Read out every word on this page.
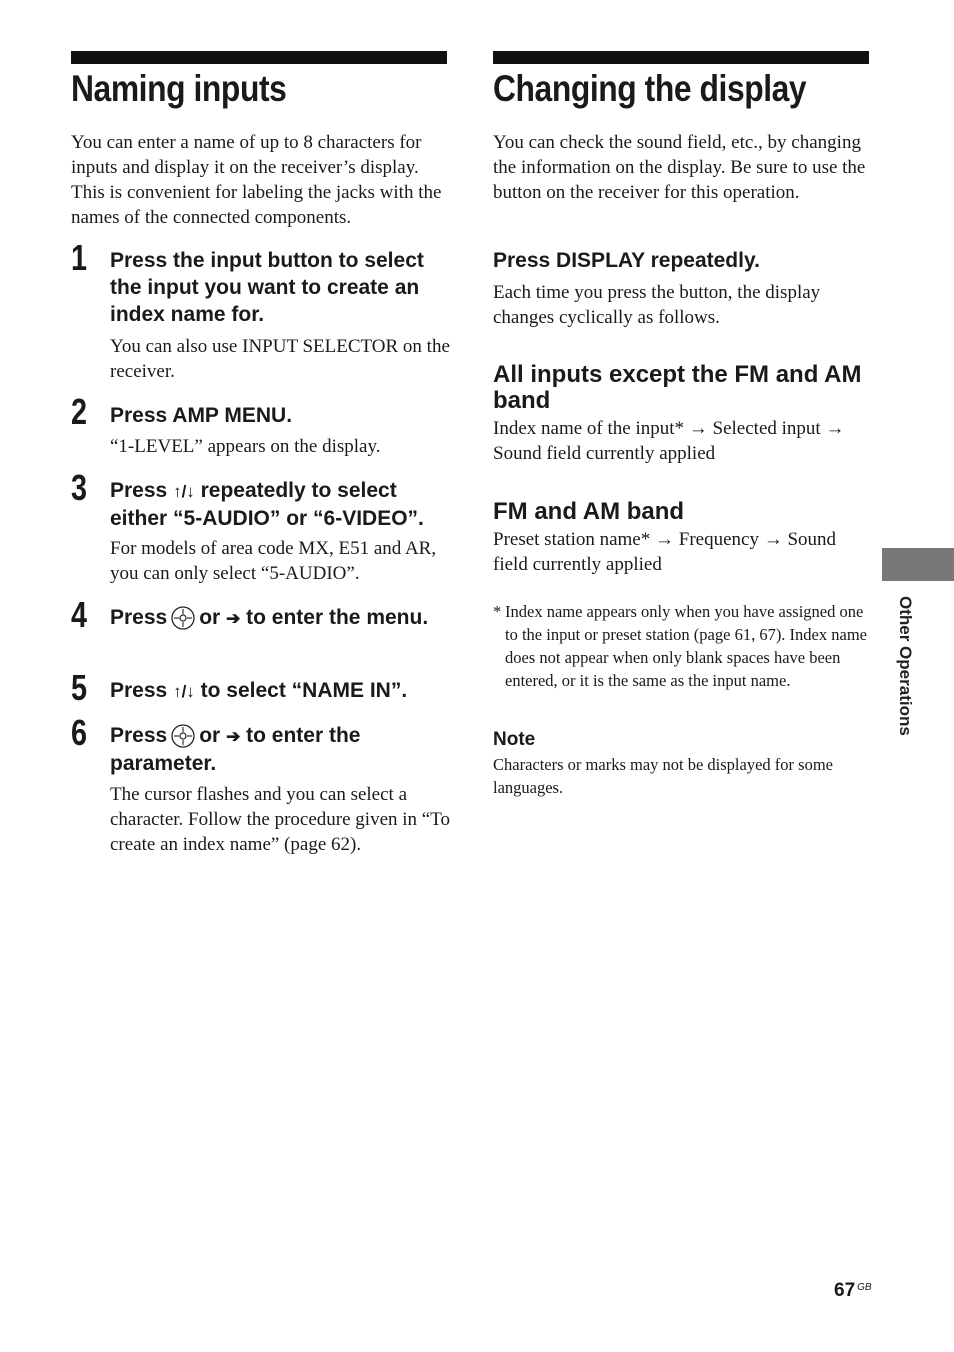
Naming inputs
You can enter a name of up to 8 characters for inputs and display it on the receiver’s display. This is convenient for labeling the jacks with the names of the connected components.
1 Press the input button to select the input you want to create an index name for.
You can also use INPUT SELECTOR on the receiver.
2 Press AMP MENU.
“1-LEVEL” appears on the display.
3 Press ↑/↓ repeatedly to select either “5-AUDIO” or “6-VIDEO”.
For models of area code MX, E51 and AR, you can only select “5-AUDIO”.
4 Press or ➔ to enter the menu.
5 Press ↑/↓ to select “NAME IN”.
6 Press or ➔ to enter the parameter.
The cursor flashes and you can select a character. Follow the procedure given in “To create an index name” (page 62).
Changing the display
You can check the sound field, etc., by changing the information on the display. Be sure to use the button on the receiver for this operation.
Press DISPLAY repeatedly.
Each time you press the button, the display changes cyclically as follows.
All inputs except the FM and AM band
Index name of the input* → Selected input → Sound field currently applied
FM and AM band
Preset station name* → Frequency → Sound field currently applied
* Index name appears only when you have assigned one to the input or preset station (page 61, 67). Index name does not appear when only blank spaces have been entered, or it is the same as the input name.
Note
Characters or marks may not be displayed for some languages.
Other Operations
67 $^{GB}$
